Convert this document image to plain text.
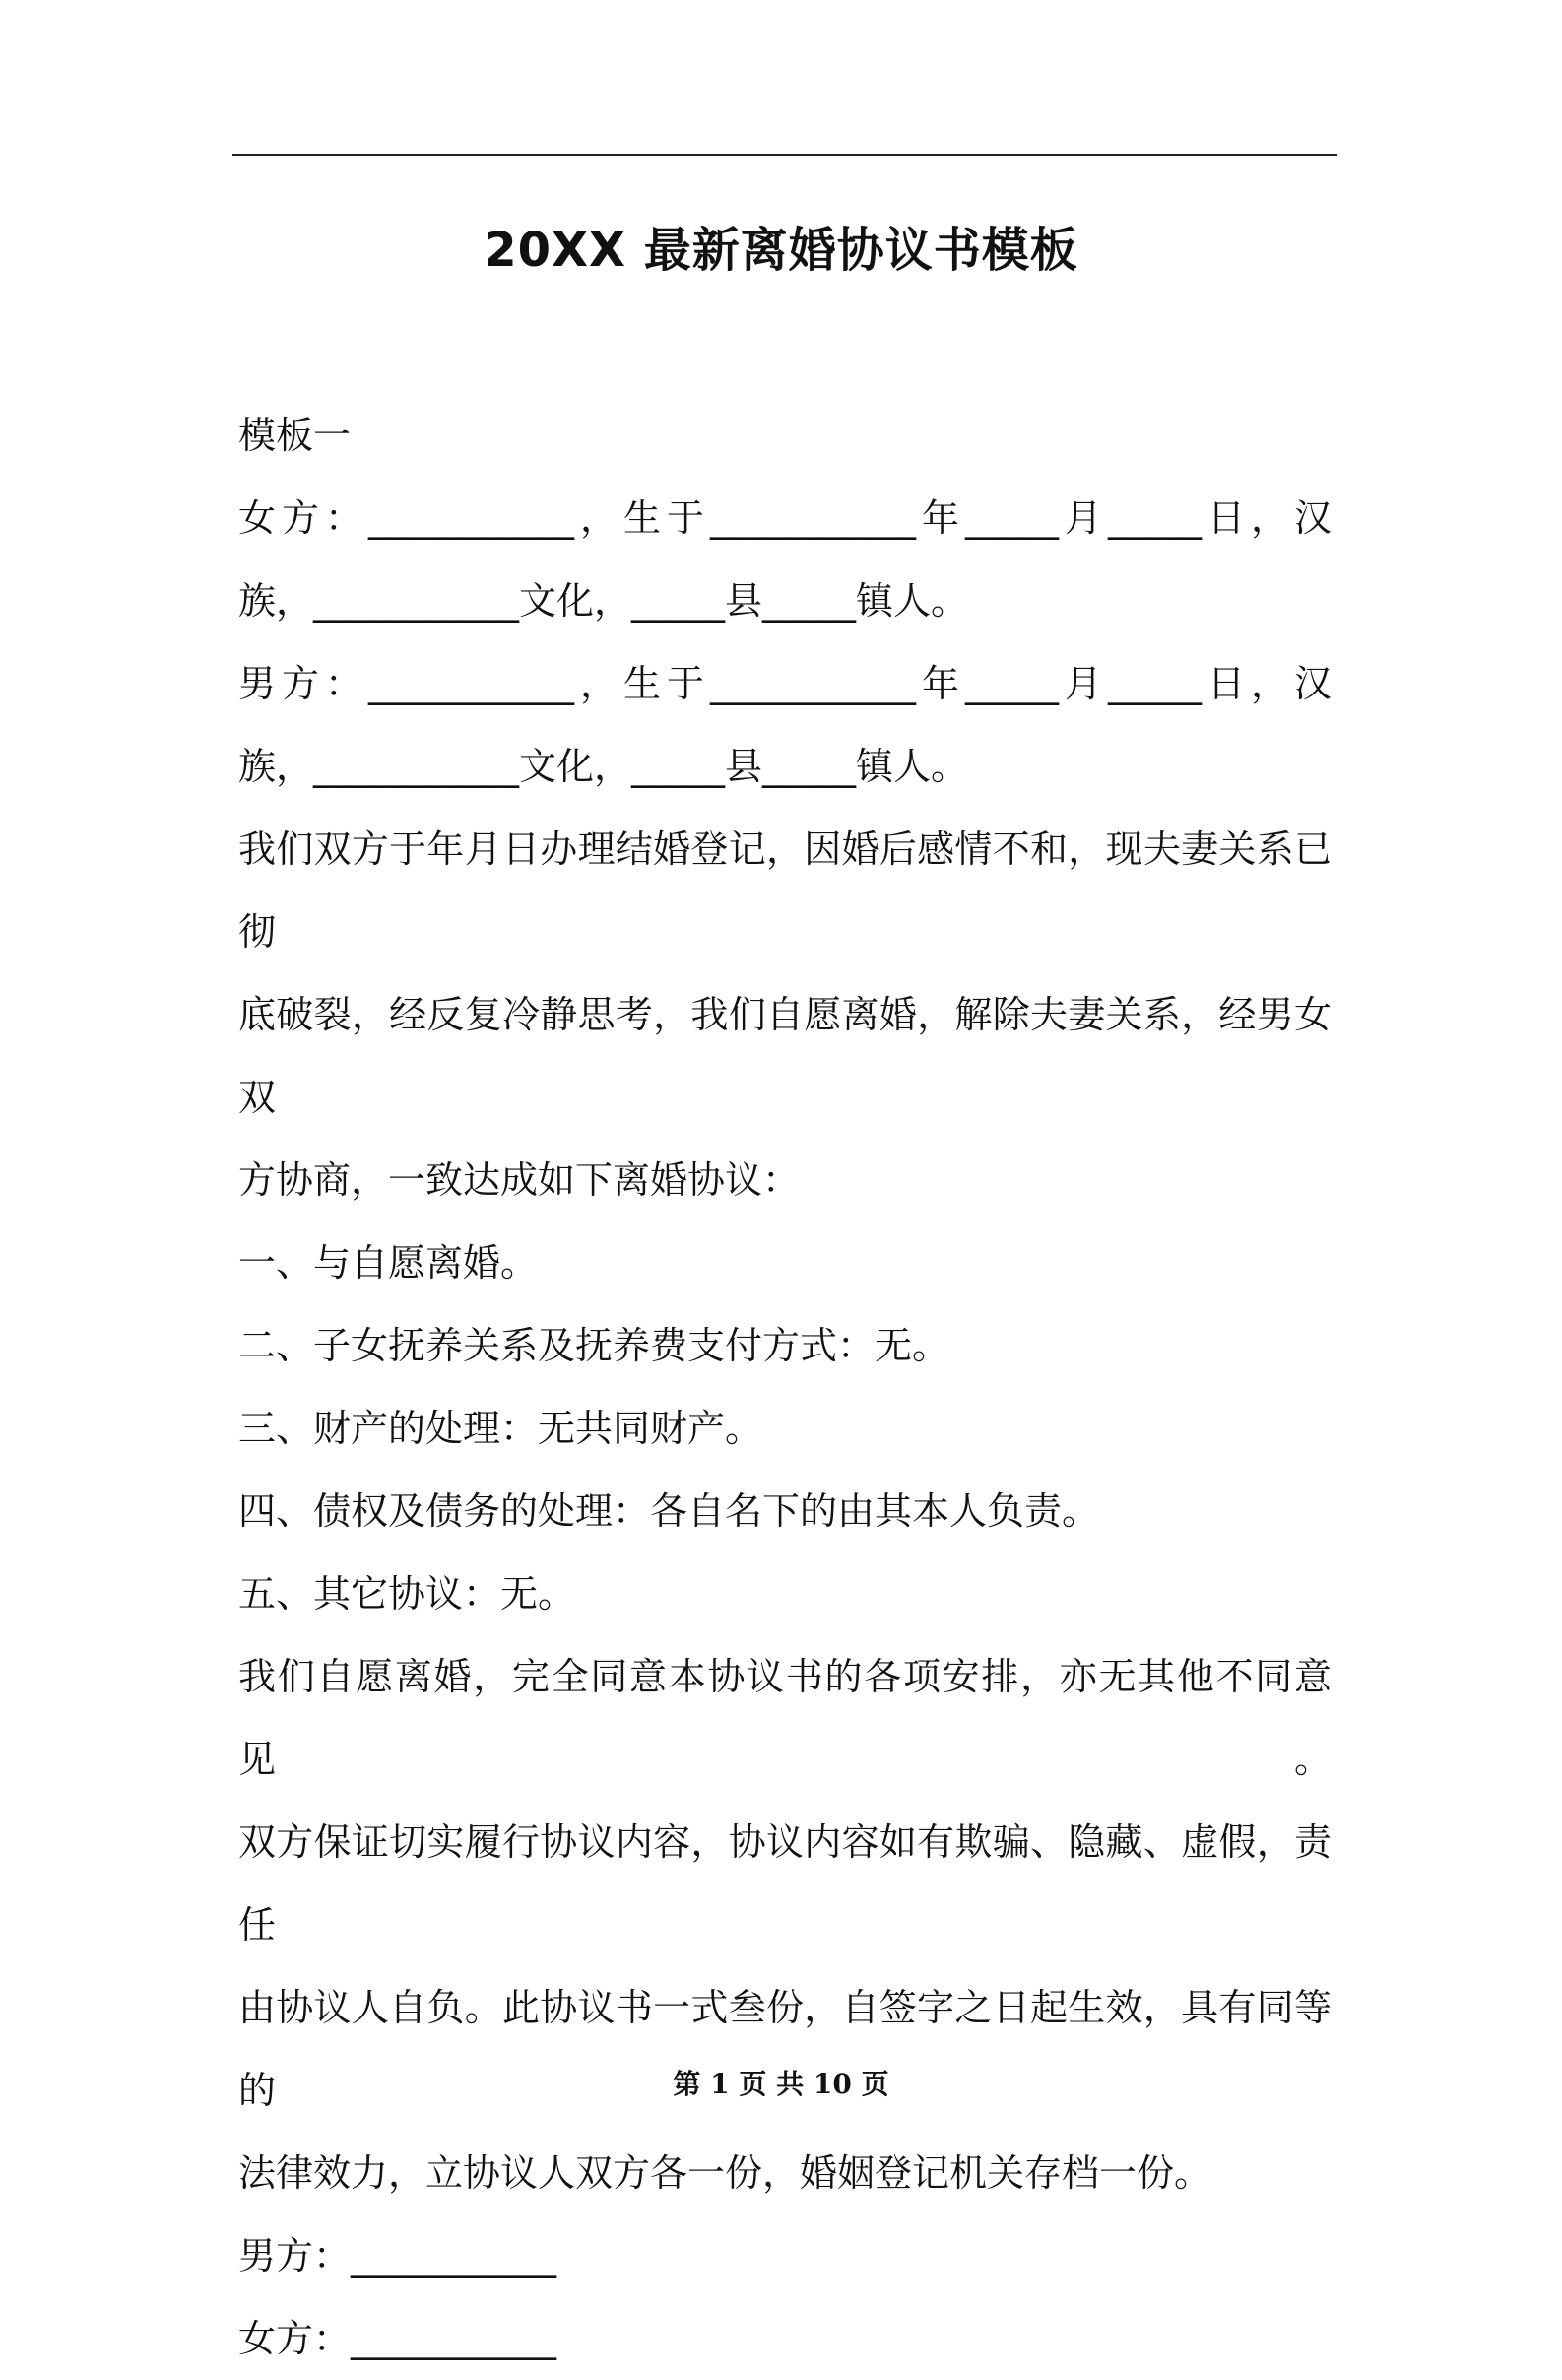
20XX 最新离婚协议书模板

模板一

女方：___________，生于___________年_____月_____日，汉

族，___________文化，_____县_____镇人。

男方：___________，生于___________年_____月_____日，汉

族，___________文化，_____县_____镇人。

我们双方于年月日办理结婚登记，因婚后感情不和，现夫妻关系已彻

底破裂，经反复冷静思考，我们自愿离婚，解除夫妻关系，经男女双

方协商，一致达成如下离婚协议：

一、与自愿离婚。

二、子女抚养关系及抚养费支付方式：无。

三、财产的处理：无共同财产。

四、债权及债务的处理：各自名下的由其本人负责。

五、其它协议：无。

我们自愿离婚，完全同意本协议书的各项安排，亦无其他不同意见。

双方保证切实履行协议内容，协议内容如有欺骗、隐藏、虚假，责任

由协议人自负。此协议书一式叁份，自签字之日起生效，具有同等的

法律效力，立协议人双方各一份，婚姻登记机关存档一份。

男方：___________

女方：___________

第 1 页 共 10 页
